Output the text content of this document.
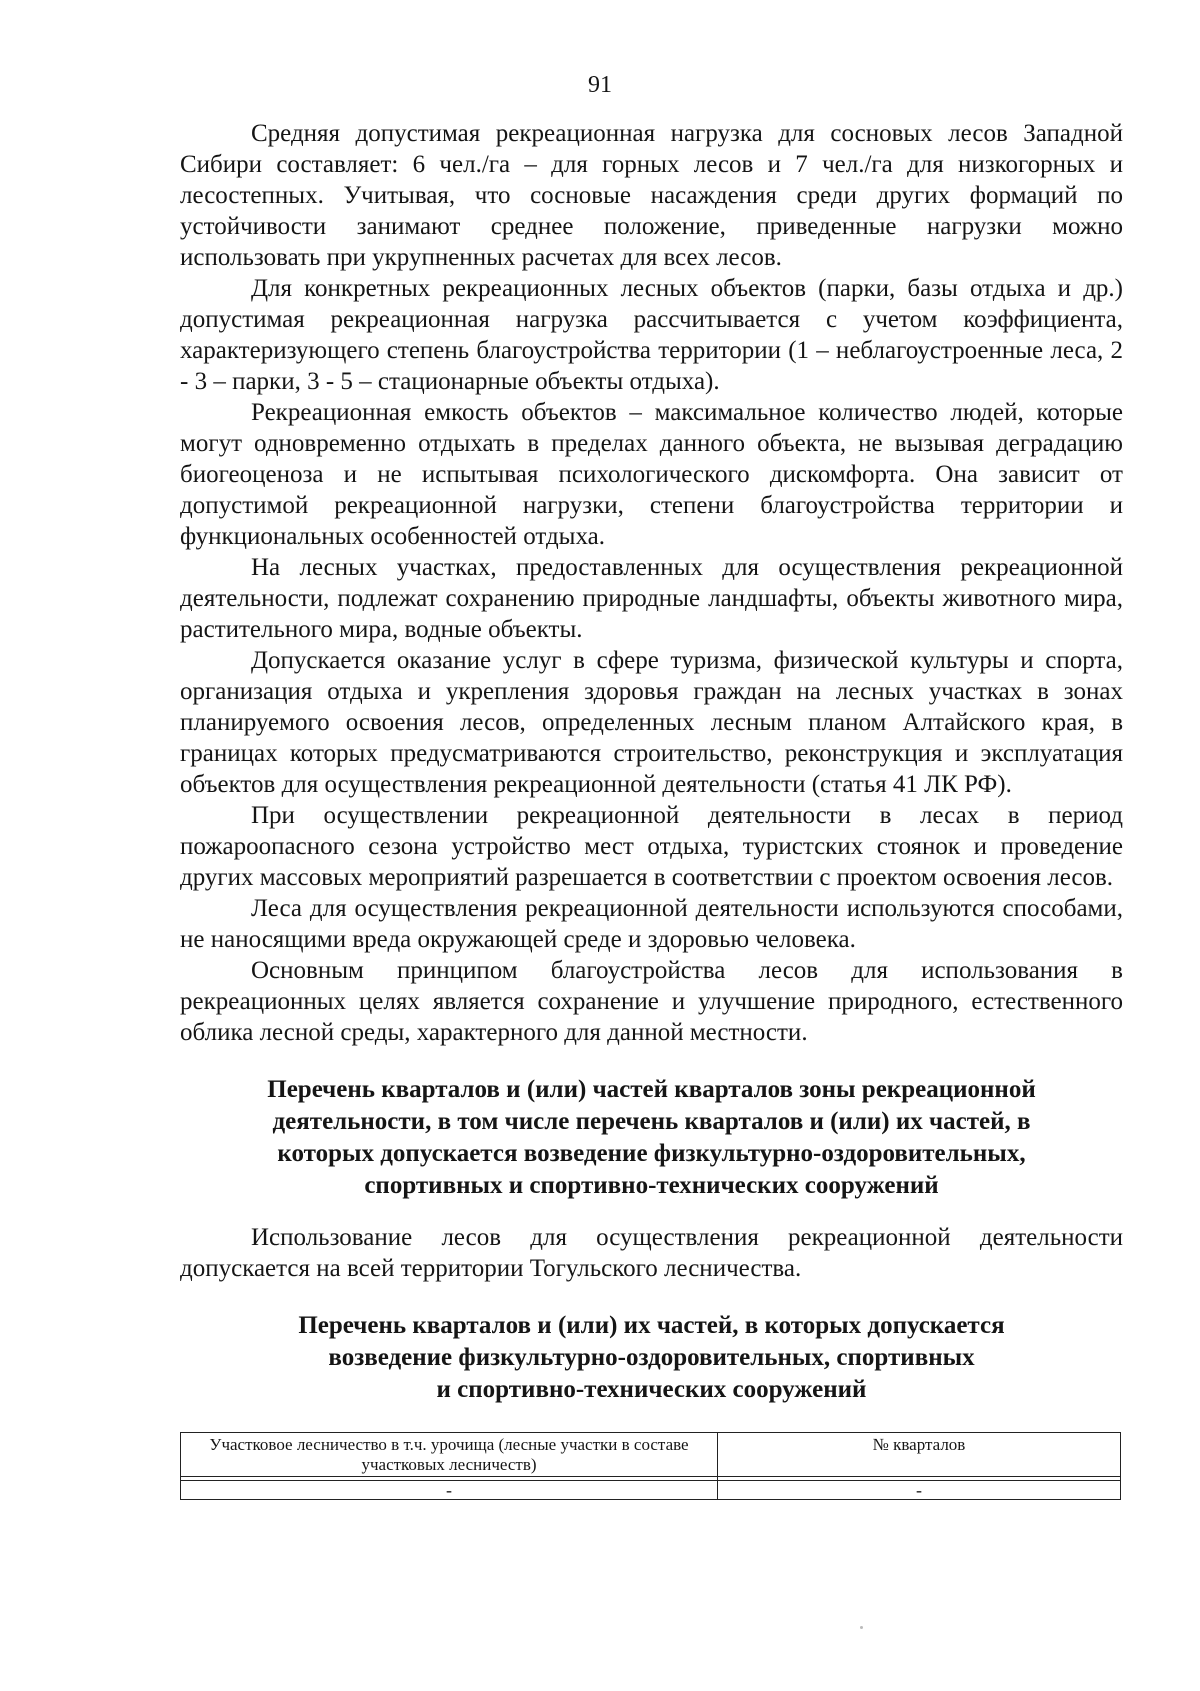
91

Средняя допустимая рекреационная нагрузка для сосновых лесов Западной Сибири составляет: 6 чел./га – для горных лесов и 7 чел./га для низкогорных и лесостепных. Учитывая, что сосновые насаждения среди других формаций по устойчивости занимают среднее положение, приведенные нагрузки можно использовать при укрупненных расчетах для всех лесов.

Для конкретных рекреационных лесных объектов (парки, базы отдыха и др.) допустимая рекреационная нагрузка рассчитывается с учетом коэффициента, характеризующего степень благоустройства территории (1 – неблагоустроенные леса, 2 - 3 – парки, 3 - 5 – стационарные объекты отдыха).

Рекреационная емкость объектов – максимальное количество людей, которые могут одновременно отдыхать в пределах данного объекта, не вызывая деградацию биогеоценоза и не испытывая психологического дискомфорта. Она зависит от допустимой рекреационной нагрузки, степени благоустройства территории и функциональных особенностей отдыха.

На лесных участках, предоставленных для осуществления рекреационной деятельности, подлежат сохранению природные ландшафты, объекты животного мира, растительного мира, водные объекты.

Допускается оказание услуг в сфере туризма, физической культуры и спорта, организация отдыха и укрепления здоровья граждан на лесных участках в зонах планируемого освоения лесов, определенных лесным планом Алтайского края, в границах которых предусматриваются строительство, реконструкция и эксплуатация объектов для осуществления рекреационной деятельности (статья 41 ЛК РФ).

При осуществлении рекреационной деятельности в лесах в период пожароопасного сезона устройство мест отдыха, туристских стоянок и проведение других массовых мероприятий разрешается в соответствии с проектом освоения лесов.

Леса для осуществления рекреационной деятельности используются способами, не наносящими вреда окружающей среде и здоровью человека.

Основным принципом благоустройства лесов для использования в рекреационных целях является сохранение и улучшение природного, естественного облика лесной среды, характерного для данной местности.

Перечень кварталов и (или) частей кварталов зоны рекреационной
деятельности, в том числе перечень кварталов и (или) их частей, в
которых допускается возведение физкультурно-оздоровительных,
спортивных и спортивно-технических сооружений

Использование лесов для осуществления рекреационной деятельности допускается на всей территории Тогульского лесничества.

Перечень кварталов и (или) их частей, в которых допускается
возведение физкультурно-оздоровительных, спортивных
и спортивно-технических сооружений
Участковое лесничество в т.ч. урочища (лесные участки в составе участковых лесничеств)	№ кварталов

-	-
